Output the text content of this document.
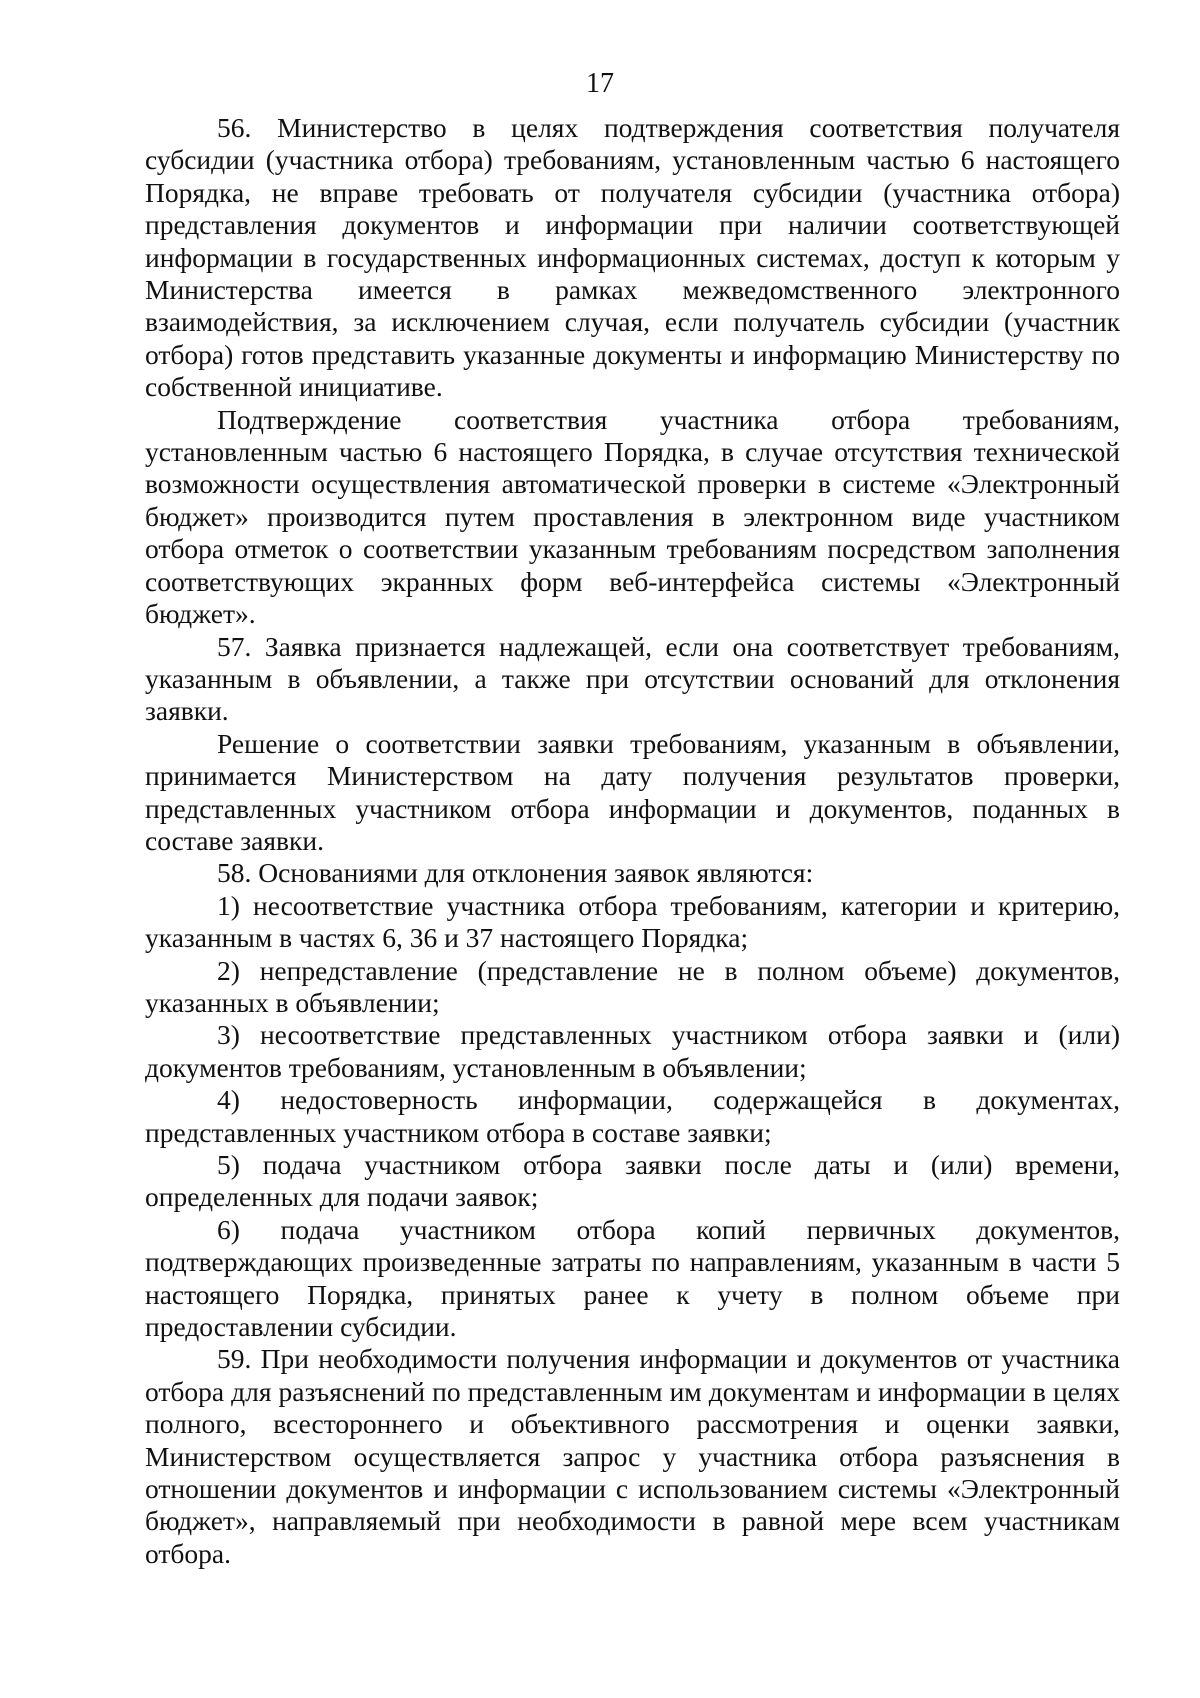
17

56. Министерство в целях подтверждения соответствия получателя субсидии (участника отбора) требованиям, установленным частью 6 настоящего Порядка, не вправе требовать от получателя субсидии (участника отбора) представления документов и информации при наличии соответствующей информации в государственных информационных системах, доступ к которым у Министерства имеется в рамках межведомственного электронного взаимодействия, за исключением случая, если получатель субсидии (участник отбора) готов представить указанные документы и информацию Министерству по собственной инициативе.

Подтверждение соответствия участника отбора требованиям, установленным частью 6 настоящего Порядка, в случае отсутствия технической возможности осуществления автоматической проверки в системе «Электронный бюджет» производится путем проставления в электронном виде участником отбора отметок о соответствии указанным требованиям посредством заполнения соответствующих экранных форм веб-интерфейса системы «Электронный бюджет».

57. Заявка признается надлежащей, если она соответствует требованиям, указанным в объявлении, а также при отсутствии оснований для отклонения заявки.

Решение о соответствии заявки требованиям, указанным в объявлении, принимается Министерством на дату получения результатов проверки, представленных участником отбора информации и документов, поданных в составе заявки.

58. Основаниями для отклонения заявок являются:

1) несоответствие участника отбора требованиям, категории и критерию, указанным в частях 6, 36 и 37 настоящего Порядка;

2) непредставление (представление не в полном объеме) документов, указанных в объявлении;

3) несоответствие представленных участником отбора заявки и (или) документов требованиям, установленным в объявлении;

4) недостоверность информации, содержащейся в документах, представленных участником отбора в составе заявки;

5) подача участником отбора заявки после даты и (или) времени, определенных для подачи заявок;

6) подача участником отбора копий первичных документов, подтверждающих произведенные затраты по направлениям, указанным в части 5 настоящего Порядка, принятых ранее к учету в полном объеме при предоставлении субсидии.

59. При необходимости получения информации и документов от участника отбора для разъяснений по представленным им документам и информации в целях полного, всестороннего и объективного рассмотрения и оценки заявки, Министерством осуществляется запрос у участника отбора разъяснения в отношении документов и информации с использованием системы «Электронный бюджет», направляемый при необходимости в равной мере всем участникам отбора.
